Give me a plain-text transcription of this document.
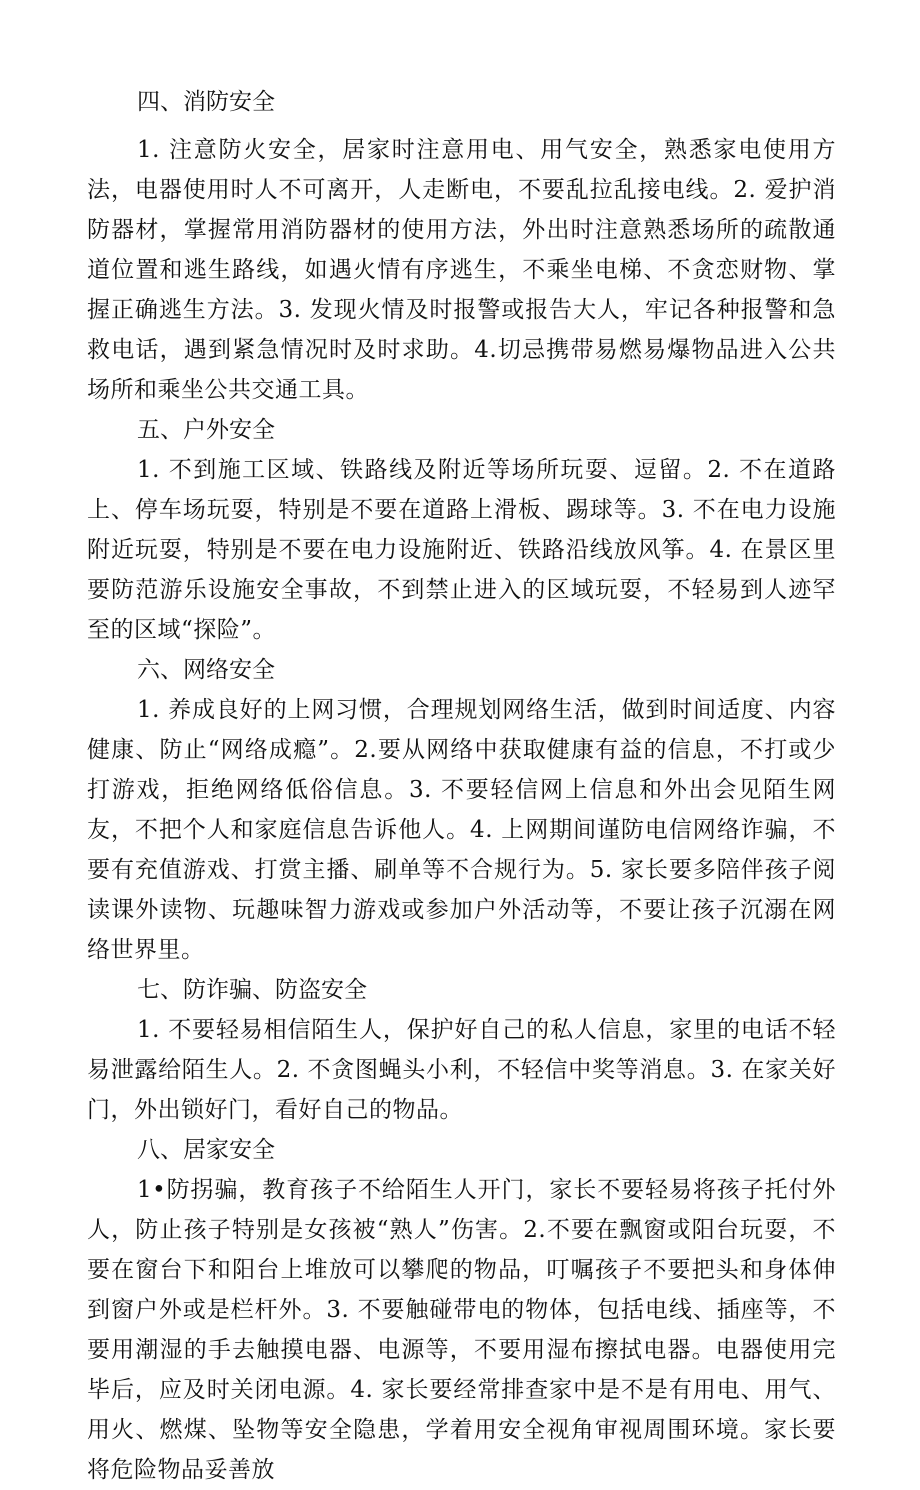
四、消防安全

1. 注意防火安全，居家时注意用电、用气安全，熟悉家电使用方法，电器使用时人不可离开，人走断电，不要乱拉乱接电线。2. 爱护消防器材，掌握常用消防器材的使用方法，外出时注意熟悉场所的疏散通道位置和逃生路线，如遇火情有序逃生，不乘坐电梯、不贪恋财物、掌握正确逃生方法。3. 发现火情及时报警或报告大人，牢记各种报警和急救电话，遇到紧急情况时及时求助。4.切忌携带易燃易爆物品进入公共场所和乘坐公共交通工具。

五、户外安全

1. 不到施工区域、铁路线及附近等场所玩耍、逗留。2. 不在道路上、停车场玩耍，特别是不要在道路上滑板、踢球等。3. 不在电力设施附近玩耍，特别是不要在电力设施附近、铁路沿线放风筝。4. 在景区里要防范游乐设施安全事故，不到禁止进入的区域玩耍，不轻易到人迹罕至的区域“探险”。

六、网络安全

1. 养成良好的上网习惯，合理规划网络生活，做到时间适度、内容健康、防止“网络成瘾”。2.要从网络中获取健康有益的信息，不打或少打游戏，拒绝网络低俗信息。3. 不要轻信网上信息和外出会见陌生网友，不把个人和家庭信息告诉他人。4. 上网期间谨防电信网络诈骗，不要有充值游戏、打赏主播、刷单等不合规行为。5. 家长要多陪伴孩子阅读课外读物、玩趣味智力游戏或参加户外活动等，不要让孩子沉溺在网络世界里。

七、防诈骗、防盗安全

1. 不要轻易相信陌生人，保护好自己的私人信息，家里的电话不轻易泄露给陌生人。2. 不贪图蝇头小利，不轻信中奖等消息。3. 在家关好门，外出锁好门，看好自己的物品。

八、居家安全

1•防拐骗，教育孩子不给陌生人开门，家长不要轻易将孩子托付外人，防止孩子特别是女孩被“熟人”伤害。2.不要在飘窗或阳台玩耍，不要在窗台下和阳台上堆放可以攀爬的物品，叮嘱孩子不要把头和身体伸到窗户外或是栏杆外。3. 不要触碰带电的物体，包括电线、插座等，不要用潮湿的手去触摸电器、电源等，不要用湿布擦拭电器。电器使用完毕后，应及时关闭电源。4. 家长要经常排查家中是不是有用电、用气、用火、燃煤、坠物等安全隐患，学着用安全视角审视周围环境。家长要将危险物品妥善放
